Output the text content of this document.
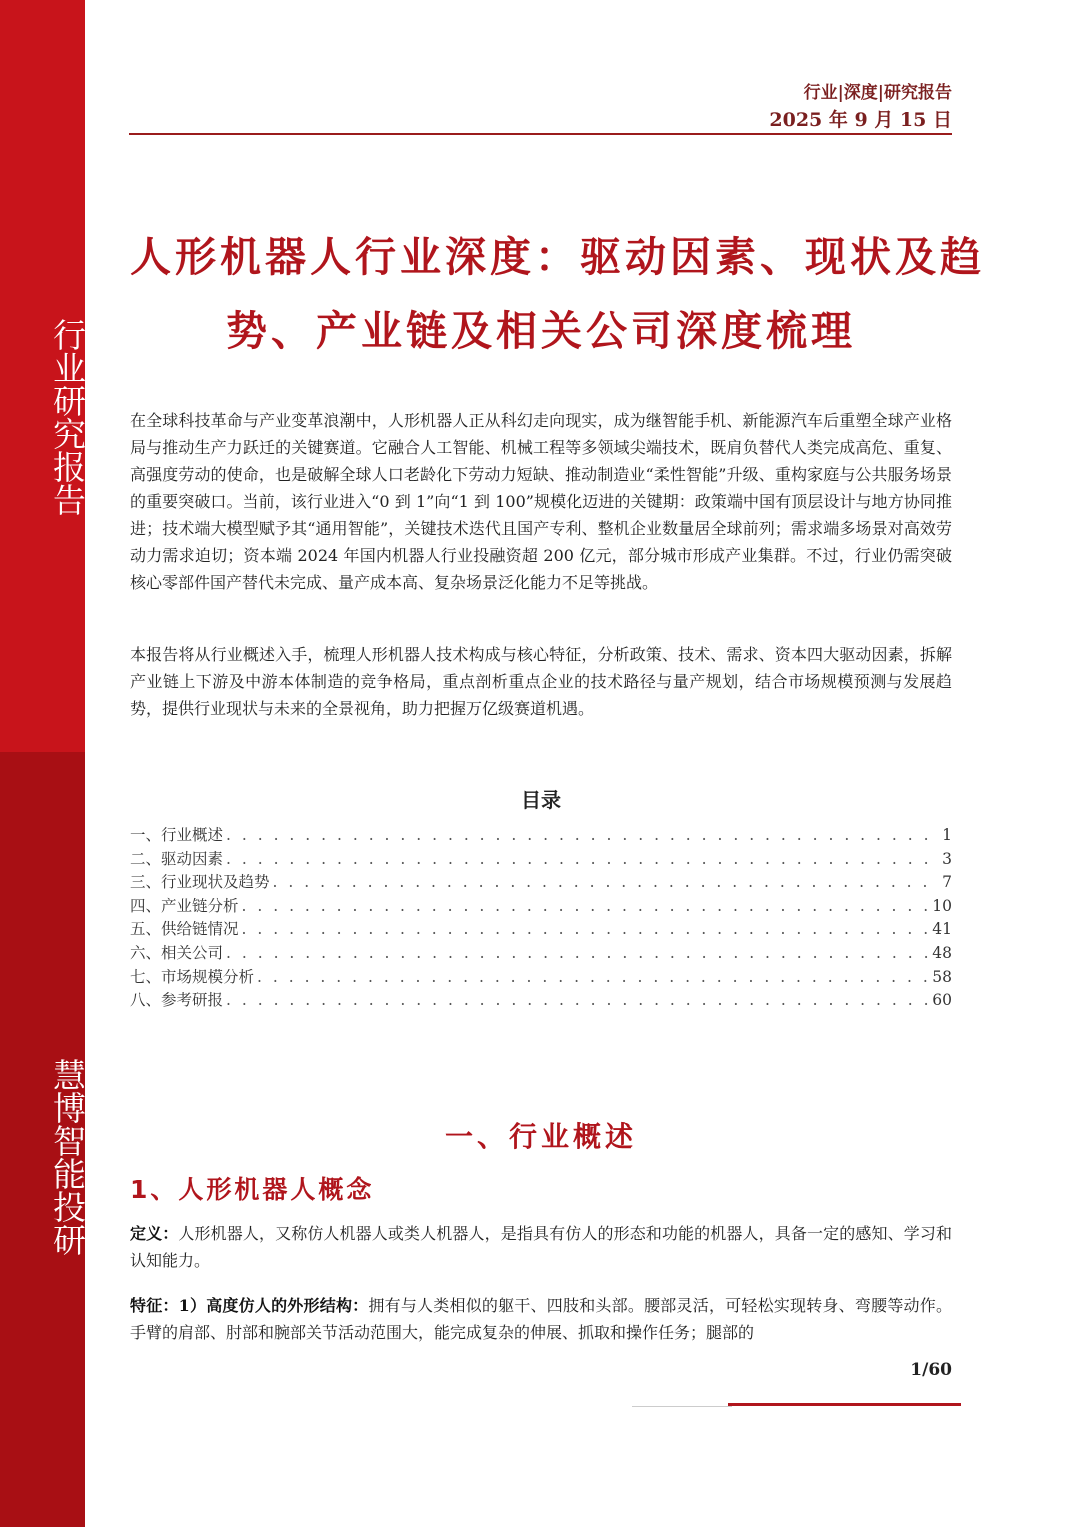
行业研究报告
慧博智能投研
行业|深度|研究报告
2025 年 9 月 15 日
人形机器人行业深度：驱动因素、现状及趋
势、产业链及相关公司深度梳理

在全球科技革命与产业变革浪潮中，人形机器人正从科幻走向现实，成为继智能手机、新能源汽车后重塑全球产业格局与推动生产力跃迁的关键赛道。它融合人工智能、机械工程等多领域尖端技术，既肩负替代人类完成高危、重复、高强度劳动的使命，也是破解全球人口老龄化下劳动力短缺、推动制造业“柔性智能”升级、重构家庭与公共服务场景的重要突破口。当前，该行业进入“0 到 1”向“1 到 100”规模化迈进的关键期：政策端中国有顶层设计与地方协同推进；技术端大模型赋予其“通用智能”，关键技术迭代且国产专利、整机企业数量居全球前列；需求端多场景对高效劳动力需求迫切；资本端 2024 年国内机器人行业投融资超 200 亿元，部分城市形成产业集群。不过，行业仍需突破核心零部件国产替代未完成、量产成本高、复杂场景泛化能力不足等挑战。

本报告将从行业概述入手，梳理人形机器人技术构成与核心特征，分析政策、技术、需求、资本四大驱动因素，拆解产业链上下游及中游本体制造的竞争格局，重点剖析重点企业的技术路径与量产规划，结合市场规模预测与发展趋势，提供行业现状与未来的全景视角，助力把握万亿级赛道机遇。

目录
一、行业概述 . . .	1
二、驱动因素 . . .	3
三、行业现状及趋势 . . .	7
四、产业链分析 . . .	10
五、供给链情况 . . .	41
六、相关公司 . . .	48
七、市场规模分析 . . .	58
八、参考研报 . . .	60
一、行业概述
1、人形机器人概念

定义：人形机器人，又称仿人机器人或类人机器人，是指具有仿人的形态和功能的机器人，具备一定的感知、学习和认知能力。

特征：1）高度仿人的外形结构：拥有与人类相似的躯干、四肢和头部。腰部灵活，可轻松实现转身、弯腰等动作。手臂的肩部、肘部和腕部关节活动范围大，能完成复杂的伸展、抓取和操作任务；腿部的

1/60
